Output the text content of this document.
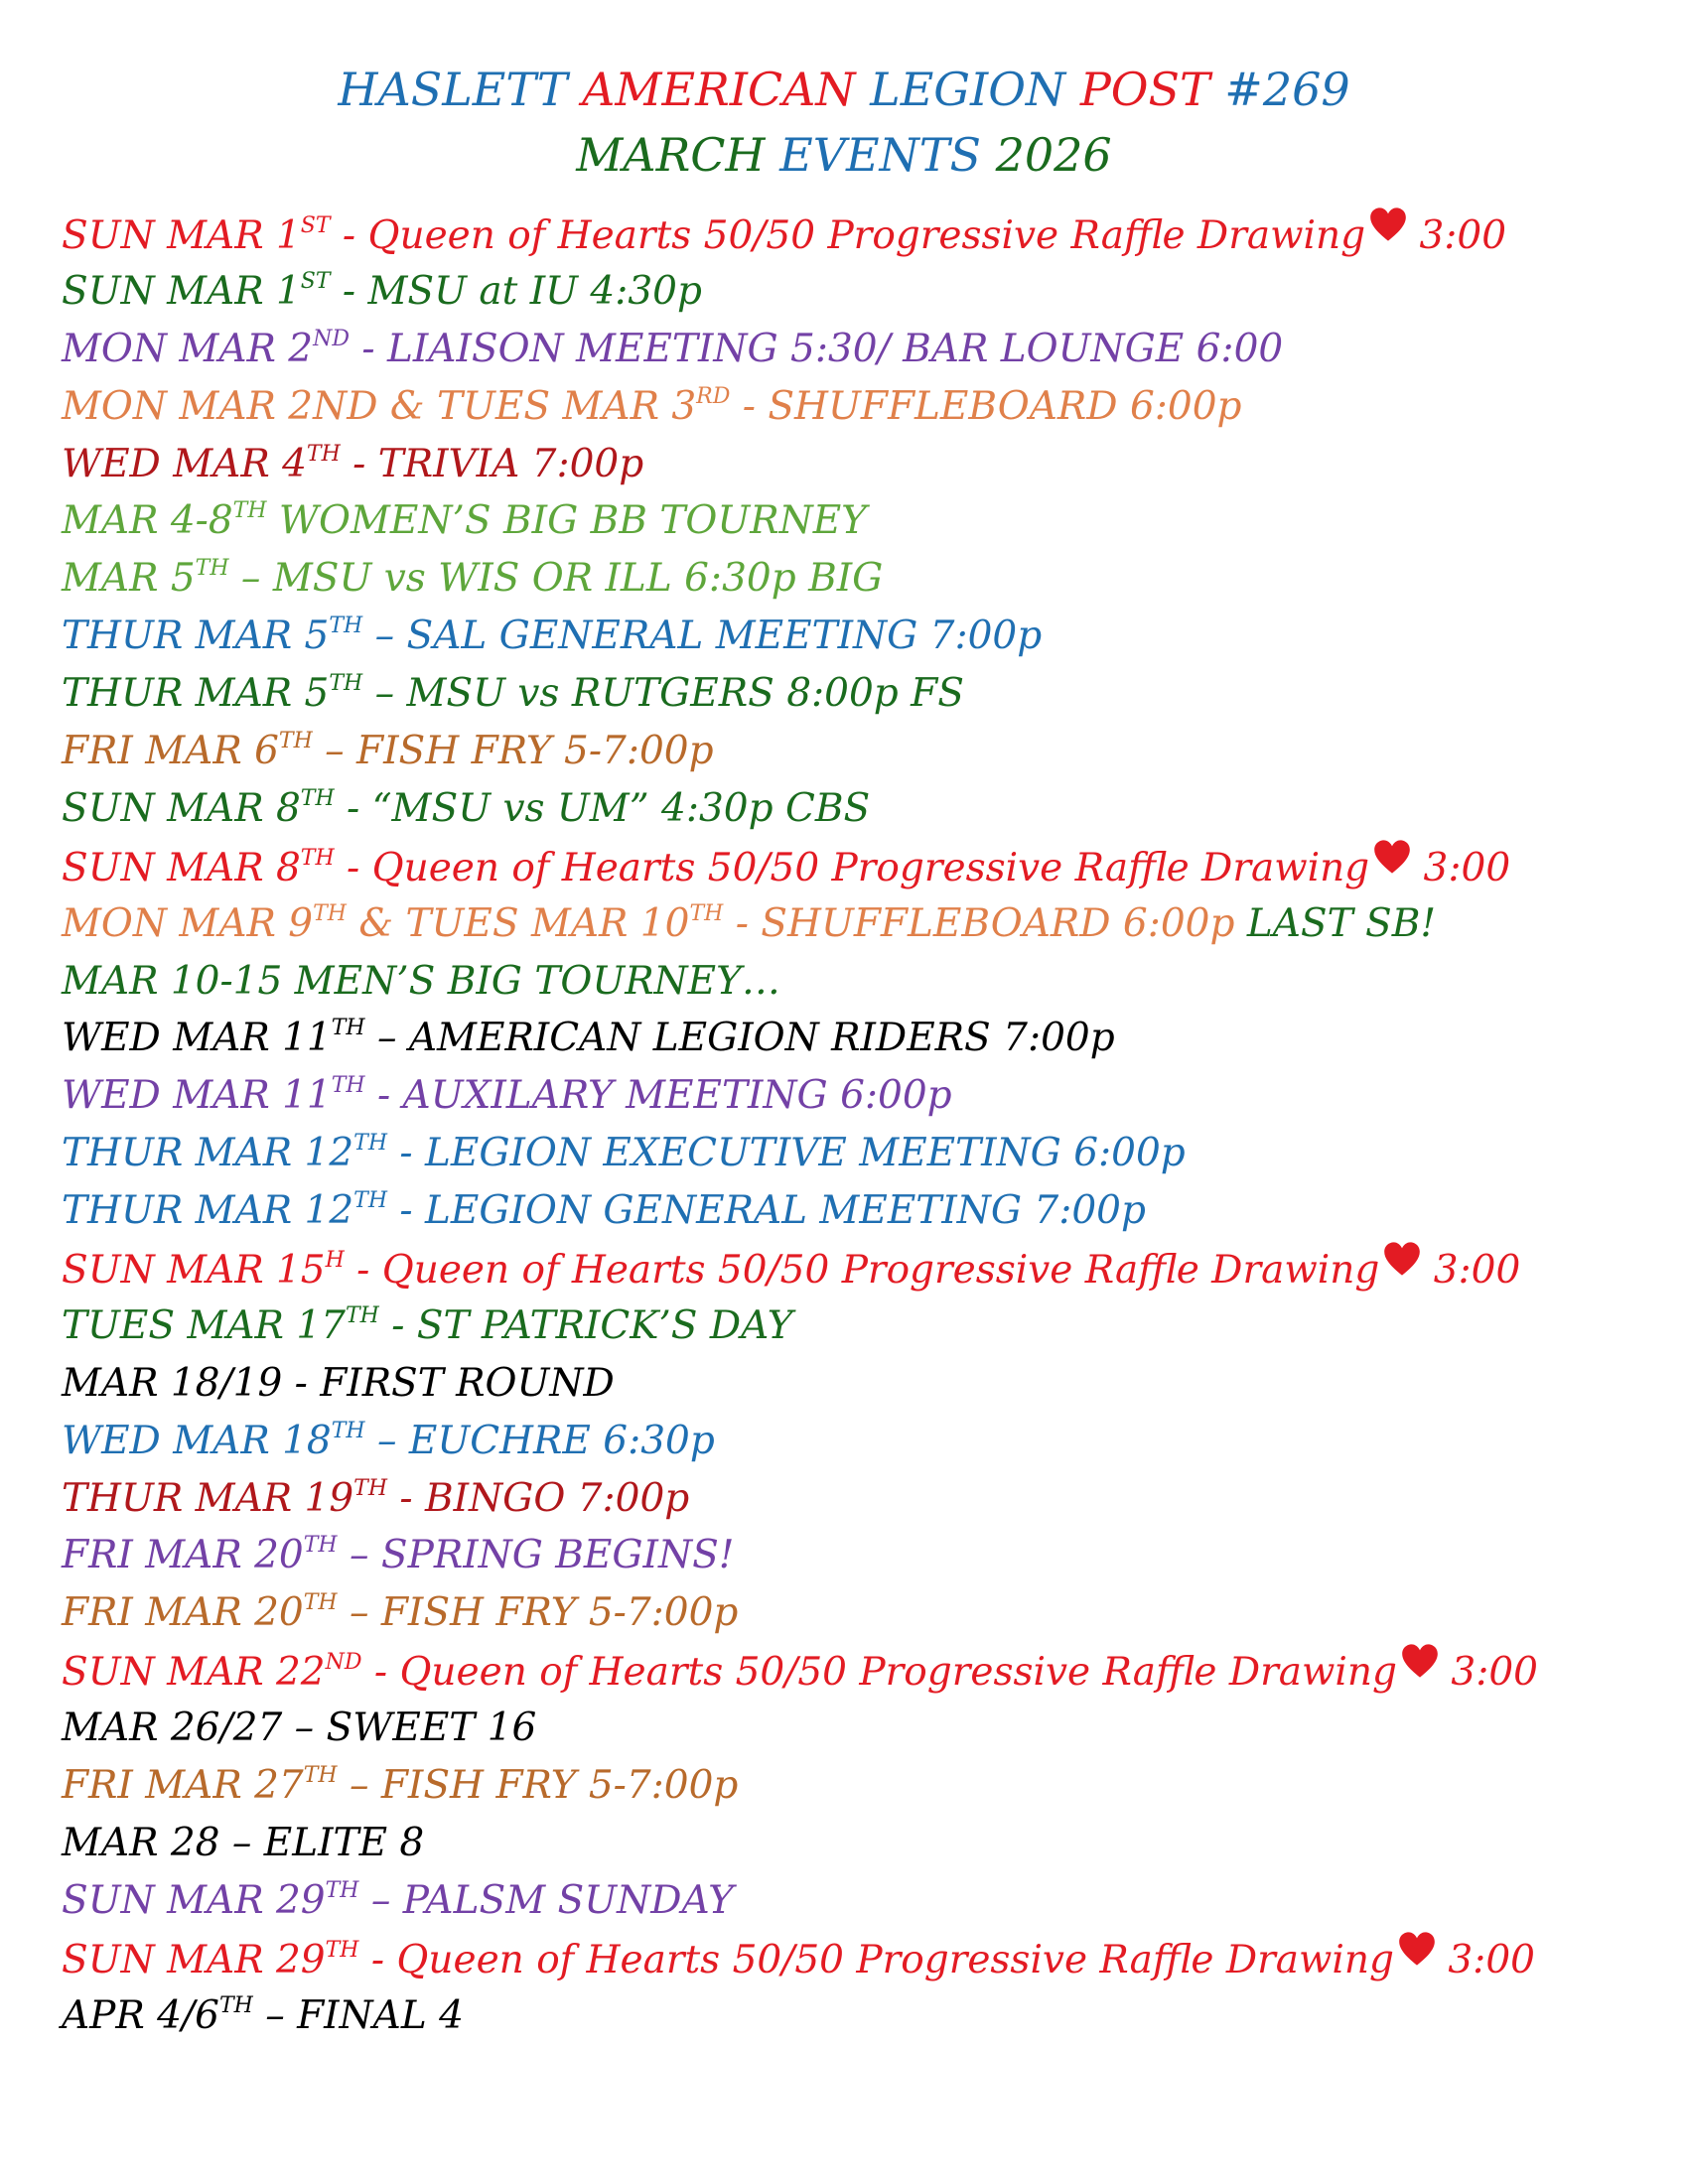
HASLETT AMERICAN LEGION POST #269
MARCH EVENTS 2026
SUN MAR 1ST - Queen of Hearts 50/50 Progressive Raffle Drawing 3:00
SUN MAR 1ST - MSU at IU 4:30p
MON MAR 2ND - LIAISON MEETING 5:30/ BAR LOUNGE 6:00
MON MAR 2ND & TUES MAR 3RD - SHUFFLEBOARD 6:00p
WED MAR 4TH - TRIVIA 7:00p
MAR 4-8TH WOMEN’S BIG BB TOURNEY
MAR 5TH – MSU vs WIS OR ILL 6:30p BIG
THUR MAR 5TH – SAL GENERAL MEETING 7:00p
THUR MAR 5TH – MSU vs RUTGERS 8:00p FS
FRI MAR 6TH – FISH FRY 5-7:00p
SUN MAR 8TH - “MSU vs UM” 4:30p CBS
SUN MAR 8TH - Queen of Hearts 50/50 Progressive Raffle Drawing 3:00
MON MAR 9TH & TUES MAR 10TH - SHUFFLEBOARD 6:00p LAST SB!
MAR 10-15 MEN’S BIG TOURNEY…
WED MAR 11TH – AMERICAN LEGION RIDERS 7:00p
WED MAR 11TH - AUXILARY MEETING 6:00p
THUR MAR 12TH - LEGION EXECUTIVE MEETING 6:00p
THUR MAR 12TH - LEGION GENERAL MEETING 7:00p
SUN MAR $15^H$ - Queen of Hearts 50/50 Progressive Raffle Drawing 3:00
TUES MAR 17TH - ST PATRICK’S DAY
MAR 18/19 - FIRST ROUND
WED MAR 18TH – EUCHRE 6:30p
THUR MAR 19TH - BINGO 7:00p
FRI MAR 20TH – SPRING BEGINS!
FRI MAR 20TH – FISH FRY 5-7:00p
SUN MAR 22ND - Queen of Hearts 50/50 Progressive Raffle Drawing 3:00
MAR 26/27 – SWEET 16
FRI MAR 27TH – FISH FRY 5-7:00p
MAR 28 – ELITE 8
SUN MAR 29TH – PALSM SUNDAY
SUN MAR 29TH - Queen of Hearts 50/50 Progressive Raffle Drawing 3:00
APR 4/6TH – FINAL 4
